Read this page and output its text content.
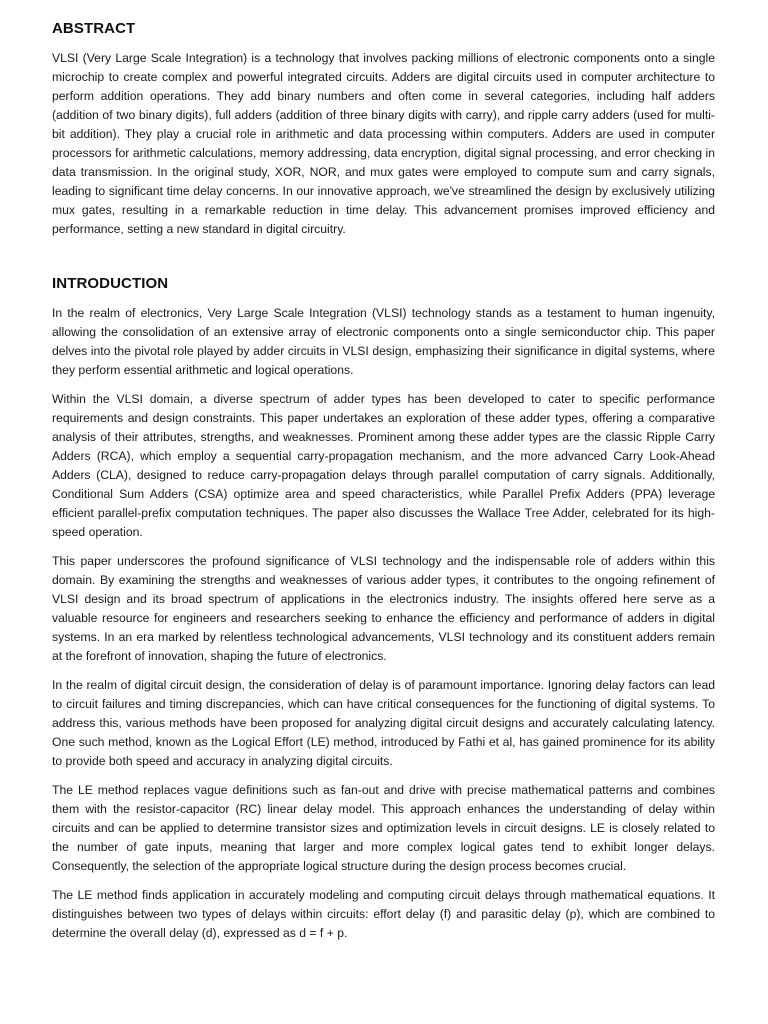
ABSTRACT

VLSI (Very Large Scale Integration) is a technology that involves packing millions of electronic components onto a single microchip to create complex and powerful integrated circuits. Adders are digital circuits used in computer architecture to perform addition operations. They add binary numbers and often come in several categories, including half adders (addition of two binary digits), full adders (addition of three binary digits with carry), and ripple carry adders (used for multi-bit addition). They play a crucial role in arithmetic and data processing within computers. Adders are used in computer processors for arithmetic calculations, memory addressing, data encryption, digital signal processing, and error checking in data transmission. In the original study, XOR, NOR, and mux gates were employed to compute sum and carry signals, leading to significant time delay concerns. In our innovative approach, we've streamlined the design by exclusively utilizing mux gates, resulting in a remarkable reduction in time delay. This advancement promises improved efficiency and performance, setting a new standard in digital circuitry.

INTRODUCTION

In the realm of electronics, Very Large Scale Integration (VLSI) technology stands as a testament to human ingenuity, allowing the consolidation of an extensive array of electronic components onto a single semiconductor chip. This paper delves into the pivotal role played by adder circuits in VLSI design, emphasizing their significance in digital systems, where they perform essential arithmetic and logical operations.

Within the VLSI domain, a diverse spectrum of adder types has been developed to cater to specific performance requirements and design constraints. This paper undertakes an exploration of these adder types, offering a comparative analysis of their attributes, strengths, and weaknesses. Prominent among these adder types are the classic Ripple Carry Adders (RCA), which employ a sequential carry-propagation mechanism, and the more advanced Carry Look-Ahead Adders (CLA), designed to reduce carry-propagation delays through parallel computation of carry signals. Additionally, Conditional Sum Adders (CSA) optimize area and speed characteristics, while Parallel Prefix Adders (PPA) leverage efficient parallel-prefix computation techniques. The paper also discusses the Wallace Tree Adder, celebrated for its high-speed operation.

This paper underscores the profound significance of VLSI technology and the indispensable role of adders within this domain. By examining the strengths and weaknesses of various adder types, it contributes to the ongoing refinement of VLSI design and its broad spectrum of applications in the electronics industry. The insights offered here serve as a valuable resource for engineers and researchers seeking to enhance the efficiency and performance of adders in digital systems. In an era marked by relentless technological advancements, VLSI technology and its constituent adders remain at the forefront of innovation, shaping the future of electronics.

In the realm of digital circuit design, the consideration of delay is of paramount importance. Ignoring delay factors can lead to circuit failures and timing discrepancies, which can have critical consequences for the functioning of digital systems. To address this, various methods have been proposed for analyzing digital circuit designs and accurately calculating latency. One such method, known as the Logical Effort (LE) method, introduced by Fathi et al, has gained prominence for its ability to provide both speed and accuracy in analyzing digital circuits.

The LE method replaces vague definitions such as fan-out and drive with precise mathematical patterns and combines them with the resistor-capacitor (RC) linear delay model. This approach enhances the understanding of delay within circuits and can be applied to determine transistor sizes and optimization levels in circuit designs. LE is closely related to the number of gate inputs, meaning that larger and more complex logical gates tend to exhibit longer delays. Consequently, the selection of the appropriate logical structure during the design process becomes crucial.

The LE method finds application in accurately modeling and computing circuit delays through mathematical equations. It distinguishes between two types of delays within circuits: effort delay (f) and parasitic delay (p), which are combined to determine the overall delay (d), expressed as d = f + p.
